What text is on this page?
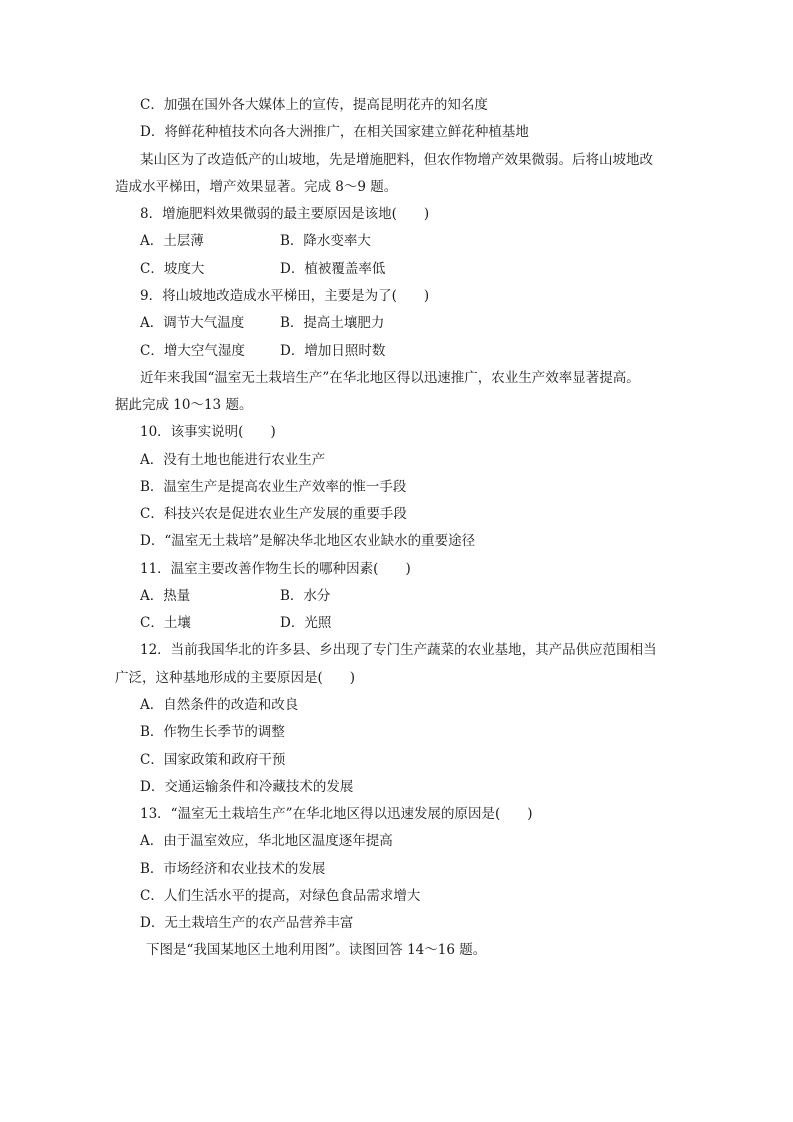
C．加强在国外各大媒体上的宣传，提高昆明花卉的知名度
D．将鲜花种植技术向各大洲推广，在相关国家建立鲜花种植基地
某山区为了改造低产的山坡地，先是增施肥料，但农作物增产效果微弱。后将山坡地改
造成水平梯田，增产效果显著。完成 8～9 题。
8．增施肥料效果微弱的最主要原因是该地(　　)
A．土层薄	B．降水变率大
C．坡度大	D．植被覆盖率低
9．将山坡地改造成水平梯田，主要是为了(　　)
A．调节大气温度	B．提高土壤肥力
C．增大空气湿度	D．增加日照时数
近年来我国“温室无土栽培生产”在华北地区得以迅速推广，农业生产效率显著提高。
据此完成 10～13 题。
10．该事实说明(　　)
A．没有土地也能进行农业生产
B．温室生产是提高农业生产效率的惟一手段
C．科技兴农是促进农业生产发展的重要手段
D．“温室无土栽培”是解决华北地区农业缺水的重要途径
11．温室主要改善作物生长的哪种因素(　　)
A．热量	B．水分
C．土壤	D．光照
12．当前我国华北的许多县、乡出现了专门生产蔬菜的农业基地，其产品供应范围相当
广泛，这种基地形成的主要原因是(　　)
A．自然条件的改造和改良
B．作物生长季节的调整
C．国家政策和政府干预
D．交通运输条件和冷藏技术的发展
13．“温室无土栽培生产”在华北地区得以迅速发展的原因是(　　)
A．由于温室效应，华北地区温度逐年提高
B．市场经济和农业技术的发展
C．人们生活水平的提高，对绿色食品需求增大
D．无土栽培生产的农产品营养丰富
下图是“我国某地区土地利用图”。读图回答 14～16 题。
